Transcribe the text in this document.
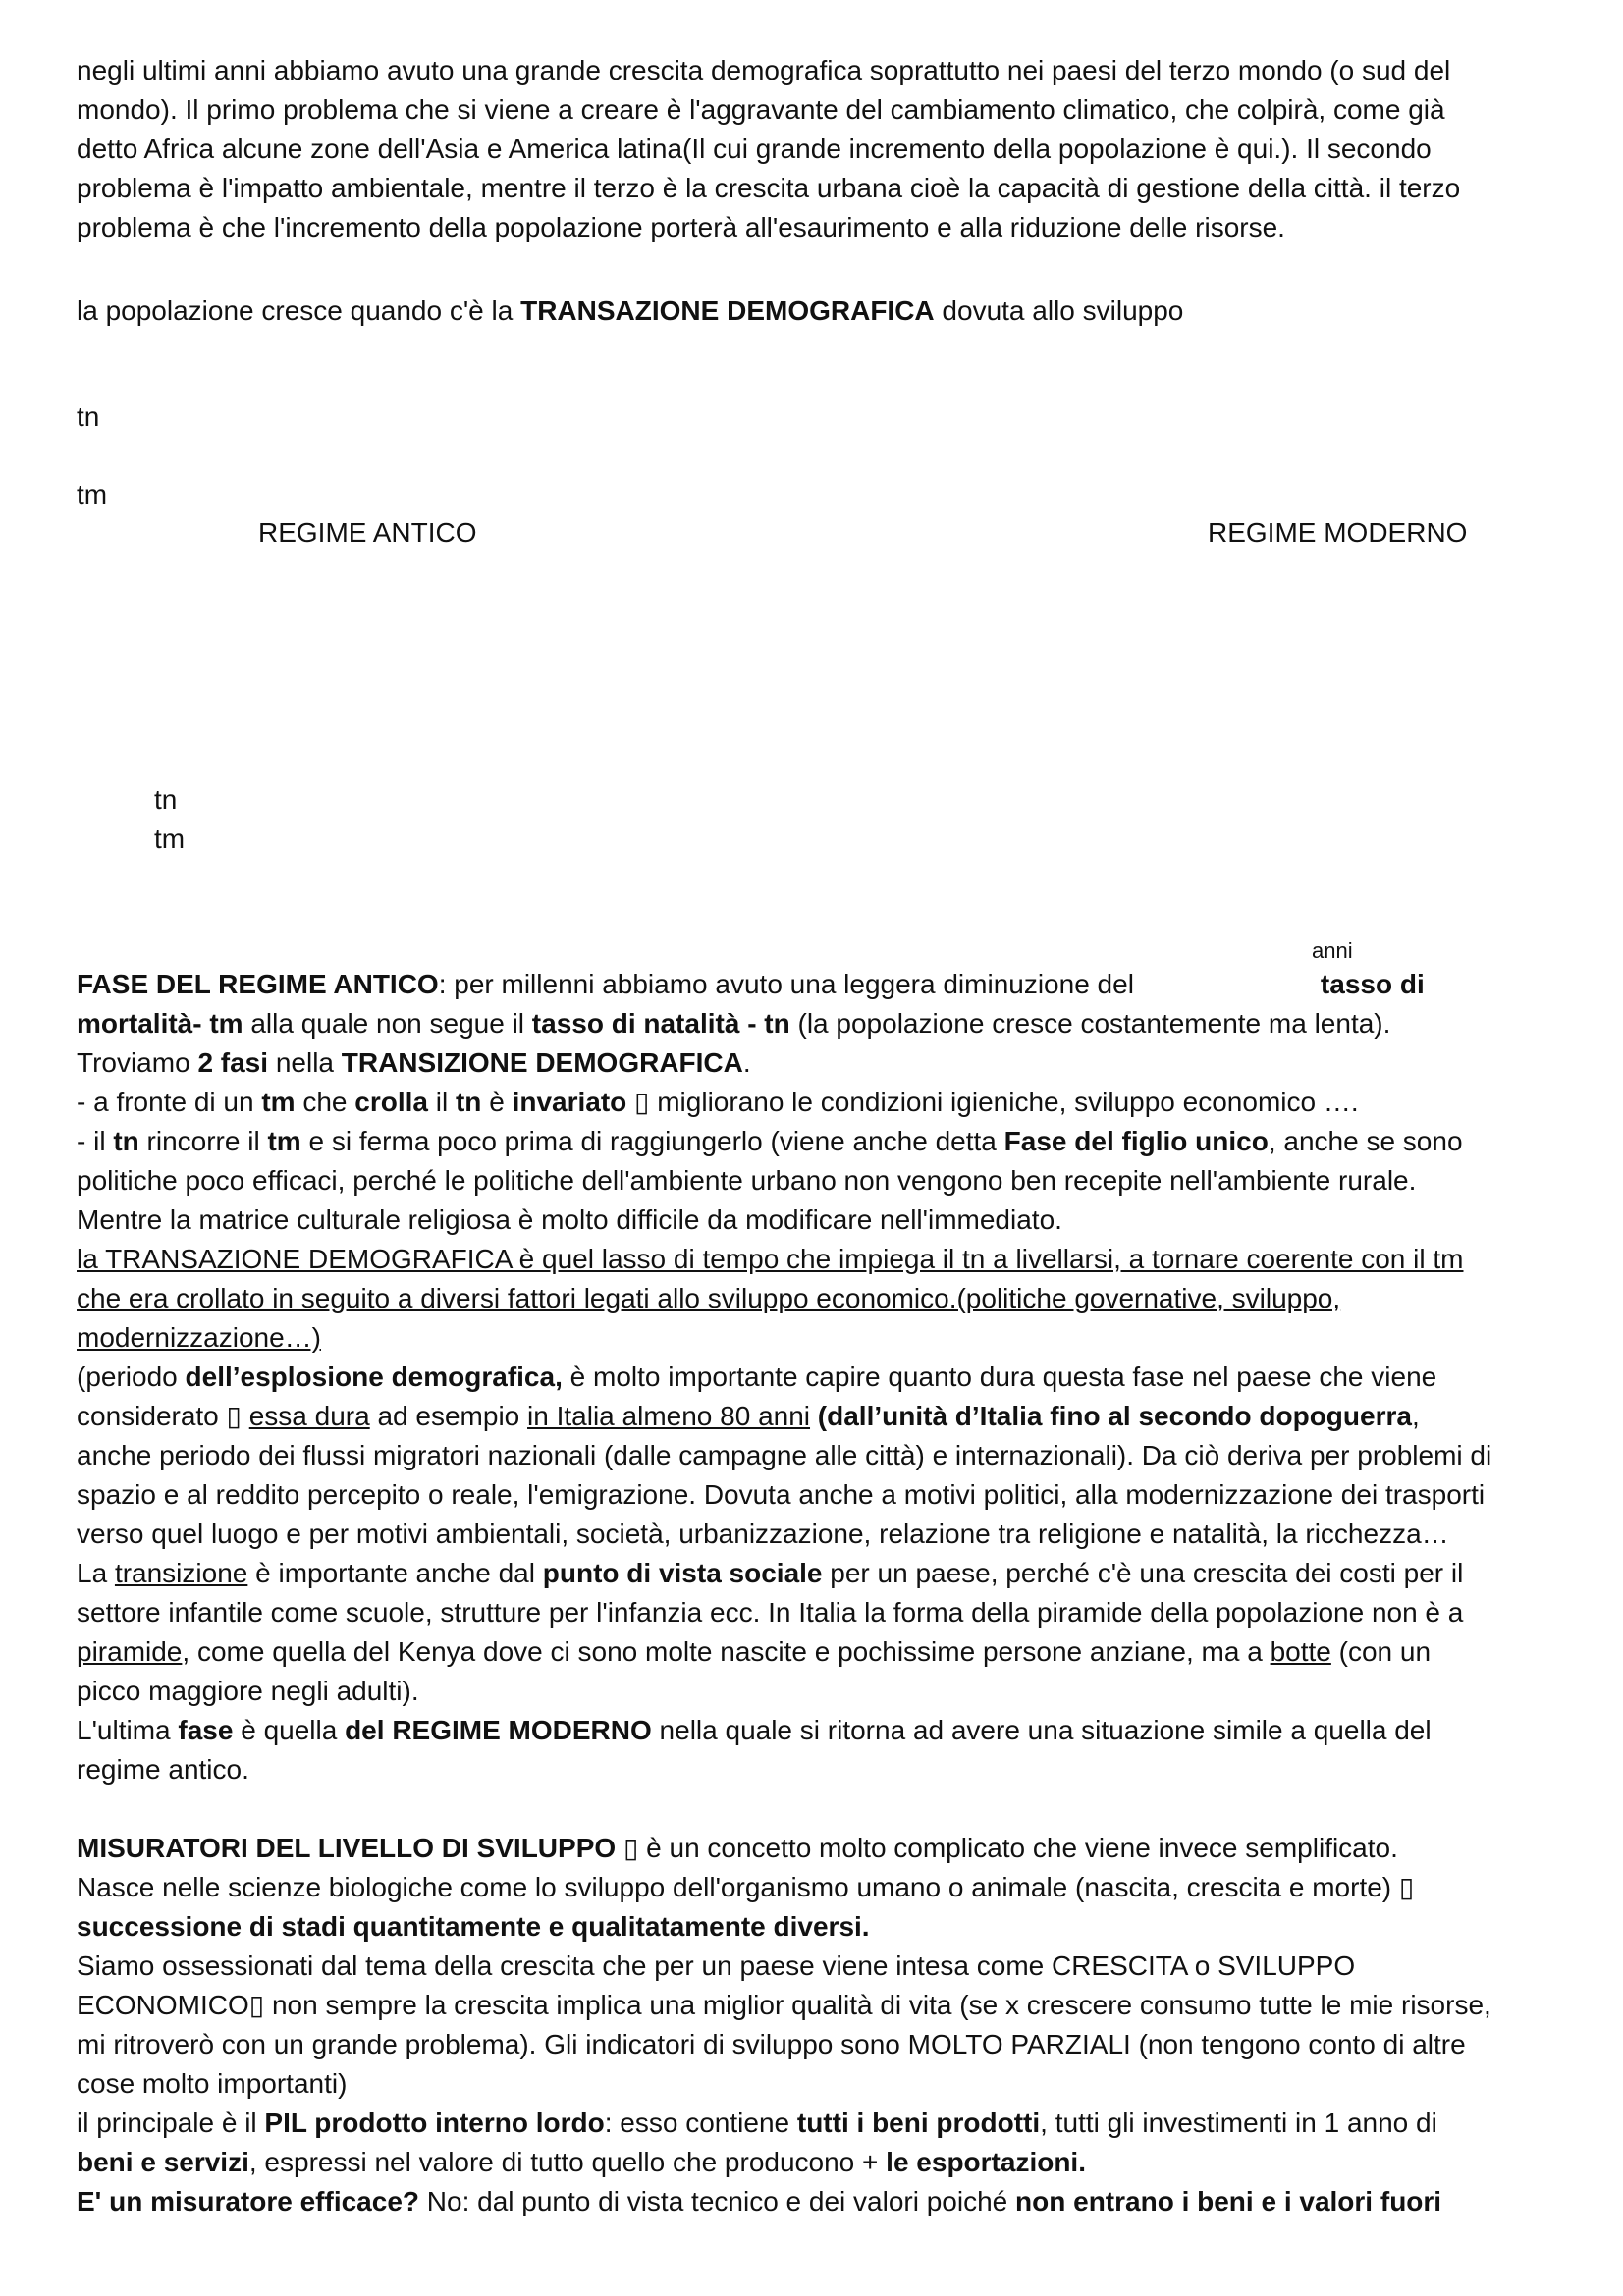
negli ultimi anni abbiamo avuto una grande crescita demografica soprattutto nei paesi del terzo mondo (o sud del
mondo). Il primo problema che si viene a creare è l'aggravante del cambiamento climatico, che colpirà, come già
detto Africa alcune zone dell'Asia e America latina(Il cui grande incremento della popolazione è qui.). Il secondo
problema è l'impatto ambientale, mentre il terzo è la crescita urbana cioè la capacità di gestione della città. il terzo
problema è che l'incremento della popolazione porterà all'esaurimento e alla riduzione delle risorse.
la popolazione cresce quando c'è la TRANSAZIONE DEMOGRAFICA dovuta allo sviluppo
tn
tm
REGIME ANTICO	REGIME MODERNO
tn
tm
anni
FASE DEL REGIME ANTICO: per millenni abbiamo avuto una leggera diminuzione del	tasso di
mortalità- tm alla quale non segue il tasso di natalità - tn (la popolazione cresce costantemente ma lenta).
Troviamo 2 fasi nella TRANSIZIONE DEMOGRAFICA.
- a fronte di un tm che crolla il tn è invariato ▯ migliorano le condizioni igieniche, sviluppo economico ….
- il tn rincorre il tm e si ferma poco prima di raggiungerlo (viene anche detta Fase del figlio unico, anche se sono
politiche poco efficaci, perché le politiche dell'ambiente urbano non vengono ben recepite nell'ambiente rurale.
Mentre la matrice culturale religiosa è molto difficile da modificare nell'immediato.
la TRANSAZIONE DEMOGRAFICA è quel lasso di tempo che impiega il tn a livellarsi, a tornare coerente con il tm
che era crollato in seguito a diversi fattori legati allo sviluppo economico.(politiche governative, sviluppo,
modernizzazione…)
(periodo dell’esplosione demografica, è molto importante capire quanto dura questa fase nel paese che viene
considerato ▯ essa dura ad esempio in Italia almeno 80 anni (dall’unità d’Italia fino al secondo dopoguerra,
anche periodo dei flussi migratori nazionali (dalle campagne alle città) e internazionali). Da ciò deriva per problemi di
spazio e al reddito percepito o reale, l'emigrazione. Dovuta anche a motivi politici, alla modernizzazione dei trasporti
verso quel luogo e per motivi ambientali, società, urbanizzazione, relazione tra religione e natalità, la ricchezza…
La transizione è importante anche dal punto di vista sociale per un paese, perché c'è una crescita dei costi per il
settore infantile come scuole, strutture per l'infanzia ecc. In Italia la forma della piramide della popolazione non è a
piramide, come quella del Kenya dove ci sono molte nascite e pochissime persone anziane, ma a botte (con un
picco maggiore negli adulti).
L'ultima fase è quella del REGIME MODERNO nella quale si ritorna ad avere una situazione simile a quella del
regime antico.

MISURATORI DEL LIVELLO DI SVILUPPO ▯ è un concetto molto complicato che viene invece semplificato.
Nasce nelle scienze biologiche come lo sviluppo dell'organismo umano o animale (nascita, crescita e morte) ▯
successione di stadi quantitamente e qualitatamente diversi.
Siamo ossessionati dal tema della crescita che per un paese viene intesa come CRESCITA o SVILUPPO
ECONOMICO▯ non sempre la crescita implica una miglior qualità di vita (se x crescere consumo tutte le mie risorse,
mi ritroverò con un grande problema). Gli indicatori di sviluppo sono MOLTO PARZIALI (non tengono conto di altre
cose molto importanti)
il principale è il PIL prodotto interno lordo: esso contiene tutti i beni prodotti, tutti gli investimenti in 1 anno di
beni e servizi, espressi nel valore di tutto quello che producono + le esportazioni.
E' un misuratore efficace? No: dal punto di vista tecnico e dei valori poiché non entrano i beni e i valori fuori
